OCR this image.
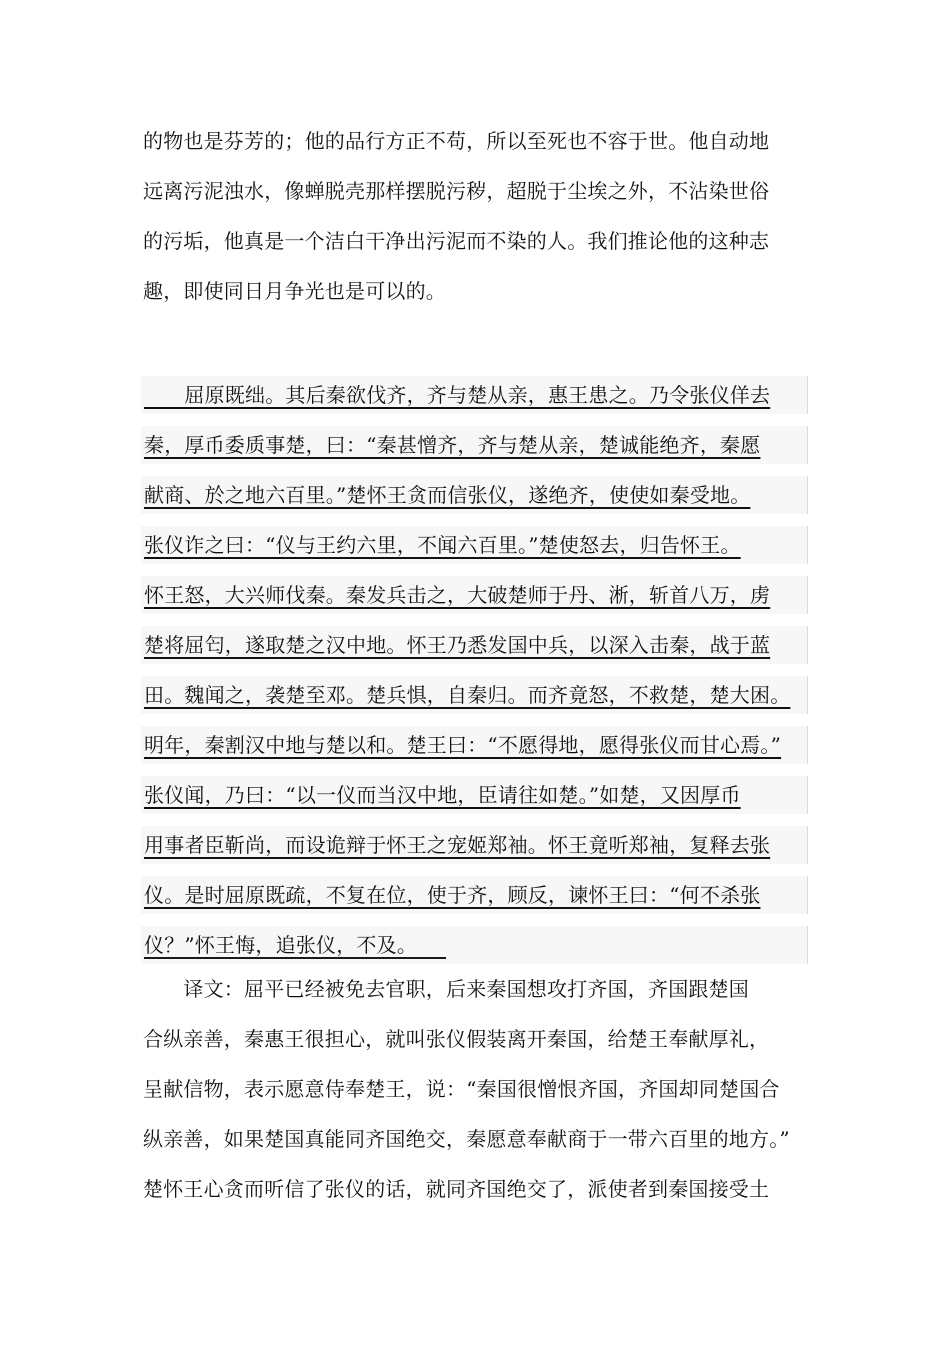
的物也是芬芳的；他的品行方正不苟，所以至死也不容于世。他自动地
远离污泥浊水，像蝉脱壳那样摆脱污秽，超脱于尘埃之外，不沾染世俗
的污垢，他真是一个洁白干净出污泥而不染的人。我们推论他的这种志
趣，即使同日月争光也是可以的。
　　屈原既绌。其后秦欲伐齐，齐与楚从亲，惠王患之。乃令张仪佯去
秦，厚币委质事楚，曰：“秦甚憎齐，齐与楚从亲，楚诚能绝齐，秦愿
献商、於之地六百里。”楚怀王贪而信张仪，遂绝齐，使使如秦受地。
张仪诈之曰：“仪与王约六里，不闻六百里。”楚使怒去，归告怀王。
怀王怒，大兴师伐秦。秦发兵击之，大破楚师于丹、淅，斩首八万，虏
楚将屈匄，遂取楚之汉中地。怀王乃悉发国中兵，以深入击秦，战于蓝
田。魏闻之，袭楚至邓。楚兵惧，自秦归。而齐竟怒，不救楚，楚大困。
明年，秦割汉中地与楚以和。楚王曰：“不愿得地，愿得张仪而甘心焉。”
张仪闻，乃曰：“以一仪而当汉中地，臣请往如楚。”如楚，又因厚币
用事者臣靳尚，而设诡辩于怀王之宠姬郑袖。怀王竟听郑袖，复释去张
仪。是时屈原既疏，不复在位，使于齐，顾反，谏怀王曰：“何不杀张
仪？”怀王悔，追张仪，不及。
　　译文：屈平已经被免去官职，后来秦国想攻打齐国，齐国跟楚国
合纵亲善，秦惠王很担心，就叫张仪假装离开秦国，给楚王奉献厚礼，
呈献信物，表示愿意侍奉楚王，说：“秦国很憎恨齐国，齐国却同楚国合
纵亲善，如果楚国真能同齐国绝交，秦愿意奉献商于一带六百里的地方。”
楚怀王心贪而听信了张仪的话，就同齐国绝交了，派使者到秦国接受土
